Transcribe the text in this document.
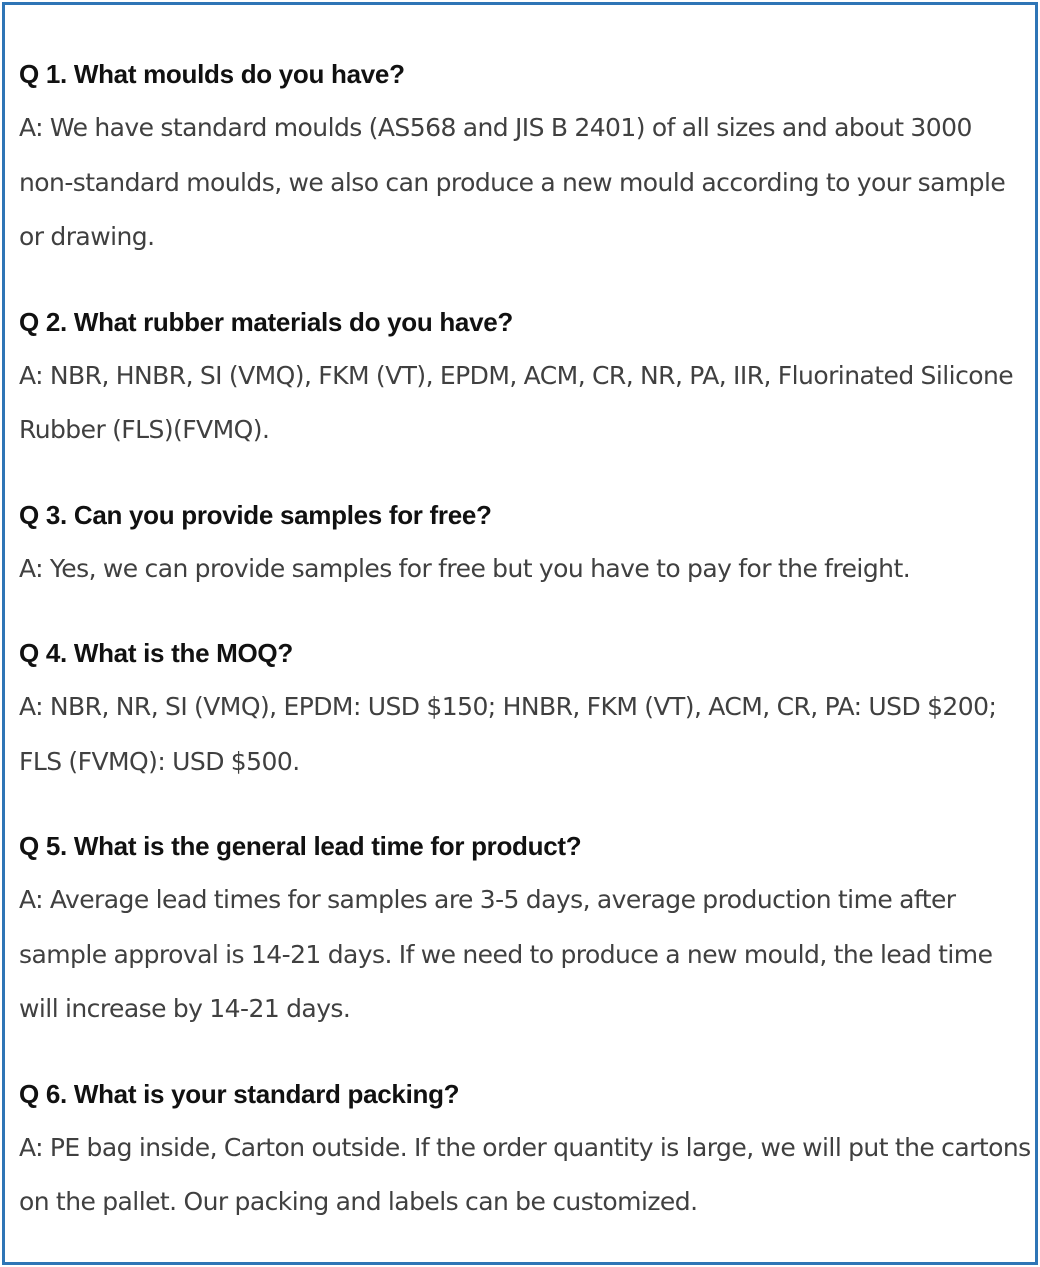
Q 1. What moulds do you have?

A: We have standard moulds (AS568 and JIS B 2401) of all sizes and about 3000 non-standard moulds, we also can produce a new mould according to your sample or drawing.

Q 2. What rubber materials do you have?

A: NBR, HNBR, SI (VMQ), FKM (VT), EPDM, ACM, CR, NR, PA, IIR, Fluorinated Silicone Rubber (FLS)(FVMQ).

Q 3. Can you provide samples for free?

A: Yes, we can provide samples for free but you have to pay for the freight.

Q 4. What is the MOQ?

A: NBR, NR, SI (VMQ), EPDM: USD $150; HNBR, FKM (VT), ACM, CR, PA: USD $200; FLS (FVMQ): USD $500.

Q 5. What is the general lead time for product?

A: Average lead times for samples are 3-5 days, average production time after sample approval is 14-21 days. If we need to produce a new mould, the lead time will increase by 14-21 days.

Q 6. What is your standard packing?

A: PE bag inside, Carton outside. If the order quantity is large, we will put the cartons on the pallet. Our packing and labels can be customized.
